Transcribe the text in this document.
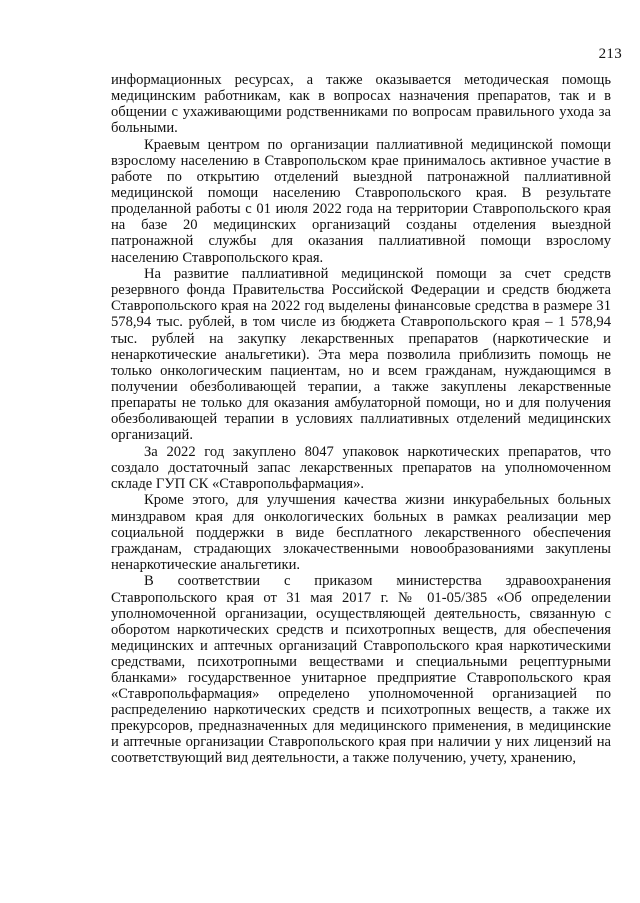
213

информационных ресурсах, а также оказывается методическая помощь медицинским работникам, как в вопросах назначения препаратов, так и в общении с ухаживающими родственниками по вопросам правильного ухода за больными.

Краевым центром по организации паллиативной медицинской помощи взрослому населению в Ставропольском крае принималось активное участие в работе по открытию отделений выездной патронажной паллиативной медицинской помощи населению Ставропольского края. В результате проделанной работы с 01 июля 2022 года на территории Ставропольского края на базе 20 медицинских организаций созданы отделения выездной патронажной службы для оказания паллиативной помощи взрослому населению Ставропольского края.

На развитие паллиативной медицинской помощи за счет средств резервного фонда Правительства Российской Федерации и средств бюджета Ставропольского края на 2022 год выделены финансовые средства в размере 31 578,94 тыс. рублей, в том числе из бюджета Ставропольского края – 1 578,94 тыс. рублей на закупку лекарственных препаратов (наркотические и ненаркотические анальгетики). Эта мера позволила приблизить помощь не только онкологическим пациентам, но и всем гражданам, нуждающимся в получении обезболивающей терапии, а также закуплены лекарственные препараты не только для оказания амбулаторной помощи, но и для получения обезболивающей терапии в условиях паллиативных отделений медицинских организаций.

За 2022 год закуплено 8047 упаковок наркотических препаратов, что создало достаточный запас лекарственных препаратов на уполномоченном складе ГУП СК «Ставропольфармация».

Кроме этого, для улучшения качества жизни инкурабельных больных минздравом края для онкологических больных в рамках реализации мер социальной поддержки в виде бесплатного лекарственного обеспечения гражданам, страдающих злокачественными новообразованиями закуплены ненаркотические анальгетики.

В соответствии с приказом министерства здравоохранения Ставропольского края от 31 мая 2017 г. № 01-05/385 «Об определении уполномоченной организации, осуществляющей деятельность, связанную с оборотом наркотических средств и психотропных веществ, для обеспечения медицинских и аптечных организаций Ставропольского края наркотическими средствами, психотропными веществами и специальными рецептурными бланками» государственное унитарное предприятие Ставропольского края «Ставропольфармация» определено уполномоченной организацией по распределению наркотических средств и психотропных веществ, а также их прекурсоров, предназначенных для медицинского применения, в медицинские и аптечные организации Ставропольского края при наличии у них лицензий на соответствующий вид деятельности, а также получению, учету, хранению,
